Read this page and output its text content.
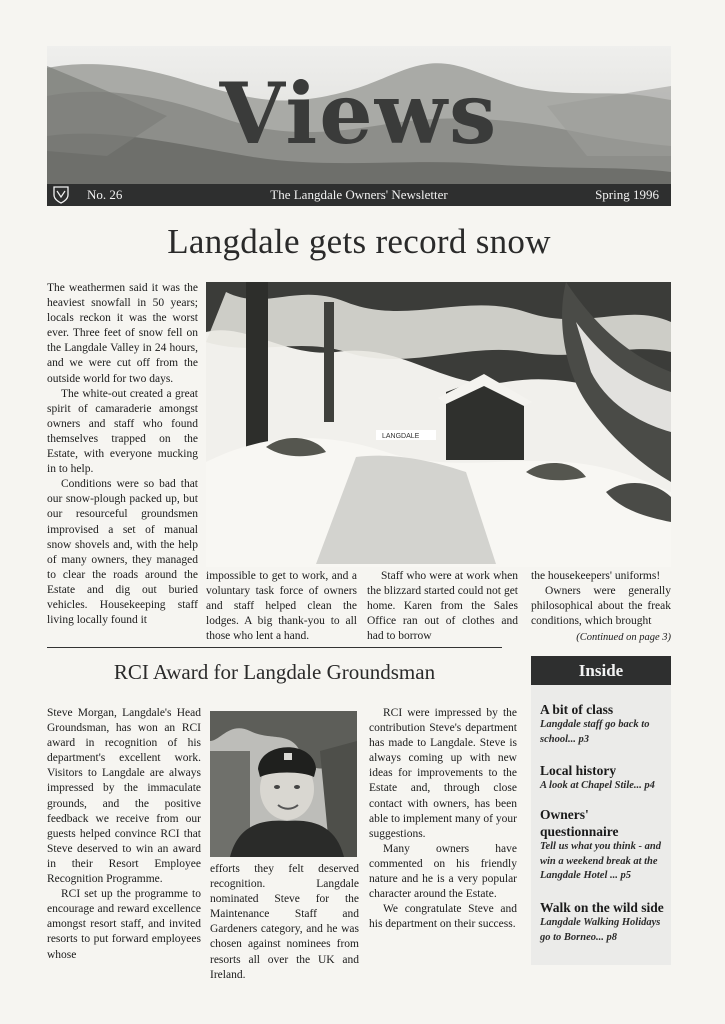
Views
No. 26	The Langdale Owners' Newsletter	Spring 1996
Langdale gets record snow

The weathermen said it was the heaviest snowfall in 50 years; locals reckon it was the worst ever. Three feet of snow fell on the Langdale Valley in 24 hours, and we were cut off from the outside world for two days.

The white-out created a great spirit of camaraderie amongst owners and staff who found themselves trapped on the Estate, with everyone mucking in to help.

Conditions were so bad that our snow-plough packed up, but our resourceful groundsmen improvised a set of manual snow shovels and, with the help of many owners, they managed to clear the roads around the Estate and dig out buried vehicles. Housekeeping staff living locally found it

LANGDALE

impossible to get to work, and a voluntary task force of owners and staff helped clean the lodges. A big thank-you to all those who lent a hand.

Staff who were at work when the blizzard started could not get home. Karen from the Sales Office ran out of clothes and had to borrow

the housekeepers' uniforms!

Owners were generally philosophical about the freak conditions, which brought

(Continued on page 3)
RCI Award for Langdale Groundsman

Steve Morgan, Langdale's Head Groundsman, has won an RCI award in recognition of his department's excellent work. Visitors to Langdale are always impressed by the immaculate grounds, and the positive feedback we receive from our guests helped convince RCI that Steve deserved to win an award in their Resort Employee Recognition Programme.

RCI set up the programme to encourage and reward excellence amongst resort staff, and invited resorts to put forward employees whose

efforts they felt deserved recognition. Langdale nominated Steve for the Maintenance Staff and Gardeners category, and he was chosen against nominees from resorts all over the UK and Ireland.

RCI were impressed by the contribution Steve's department has made to Langdale. Steve is always coming up with new ideas for improvements to the Estate and, through close contact with owners, has been able to implement many of your suggestions.

Many owners have commented on his friendly nature and he is a very popular character around the Estate.

We congratulate Steve and his department on their success.

Inside
A bit of class
Langdale staff go back to school... p3
Local history
A look at Chapel Stile... p4
Owners' questionnaire
Tell us what you think - and win a weekend break at the Langdale Hotel ... p5
Walk on the wild side
Langdale Walking Holidays go to Borneo... p8
